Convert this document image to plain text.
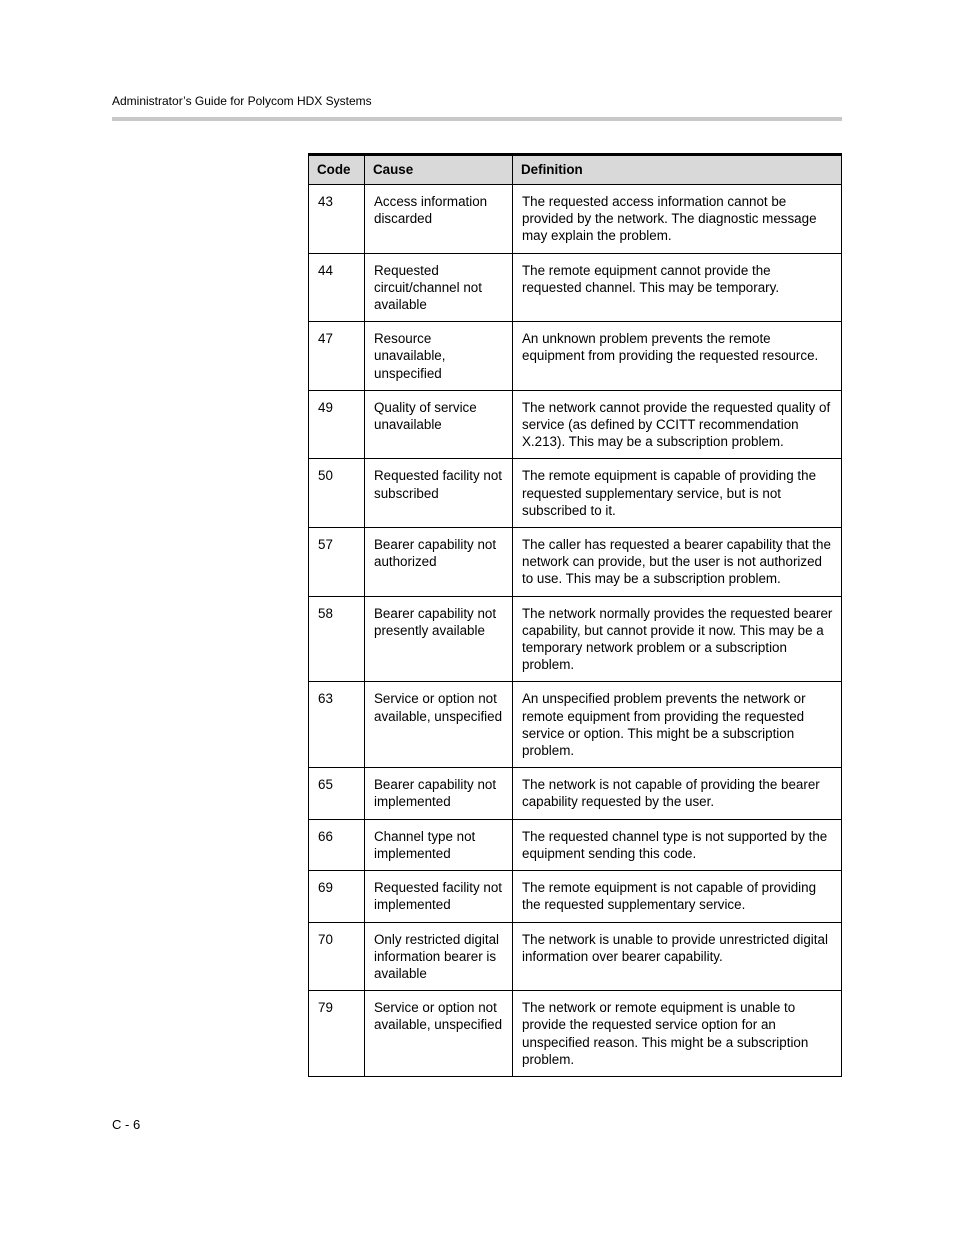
Administrator’s Guide for Polycom HDX Systems
Code	Cause	Definition
43	Access information discarded	The requested access information cannot be provided by the network. The diagnostic message may explain the problem.
44	Requested circuit/channel not available	The remote equipment cannot provide the requested channel. This may be temporary.
47	Resource unavailable, unspecified	An unknown problem prevents the remote equipment from providing the requested resource.
49	Quality of service unavailable	The network cannot provide the requested quality of service (as defined by CCITT recommendation X.213). This may be a subscription problem.
50	Requested facility not subscribed	The remote equipment is capable of providing the requested supplementary service, but is not subscribed to it.
57	Bearer capability not authorized	The caller has requested a bearer capability that the network can provide, but the user is not authorized to use. This may be a subscription problem.
58	Bearer capability not presently available	The network normally provides the requested bearer capability, but cannot provide it now. This may be a temporary network problem or a subscription problem.
63	Service or option not available, unspecified	An unspecified problem prevents the network or remote equipment from providing the requested service or option. This might be a subscription problem.
65	Bearer capability not implemented	The network is not capable of providing the bearer capability requested by the user.
66	Channel type not implemented	The requested channel type is not supported by the equipment sending this code.
69	Requested facility not implemented	The remote equipment is not capable of providing the requested supplementary service.
70	Only restricted digital information bearer is available	The network is unable to provide unrestricted digital information over bearer capability.
79	Service or option not available, unspecified	The network or remote equipment is unable to provide the requested service option for an unspecified reason. This might be a subscription problem.
C - 6
